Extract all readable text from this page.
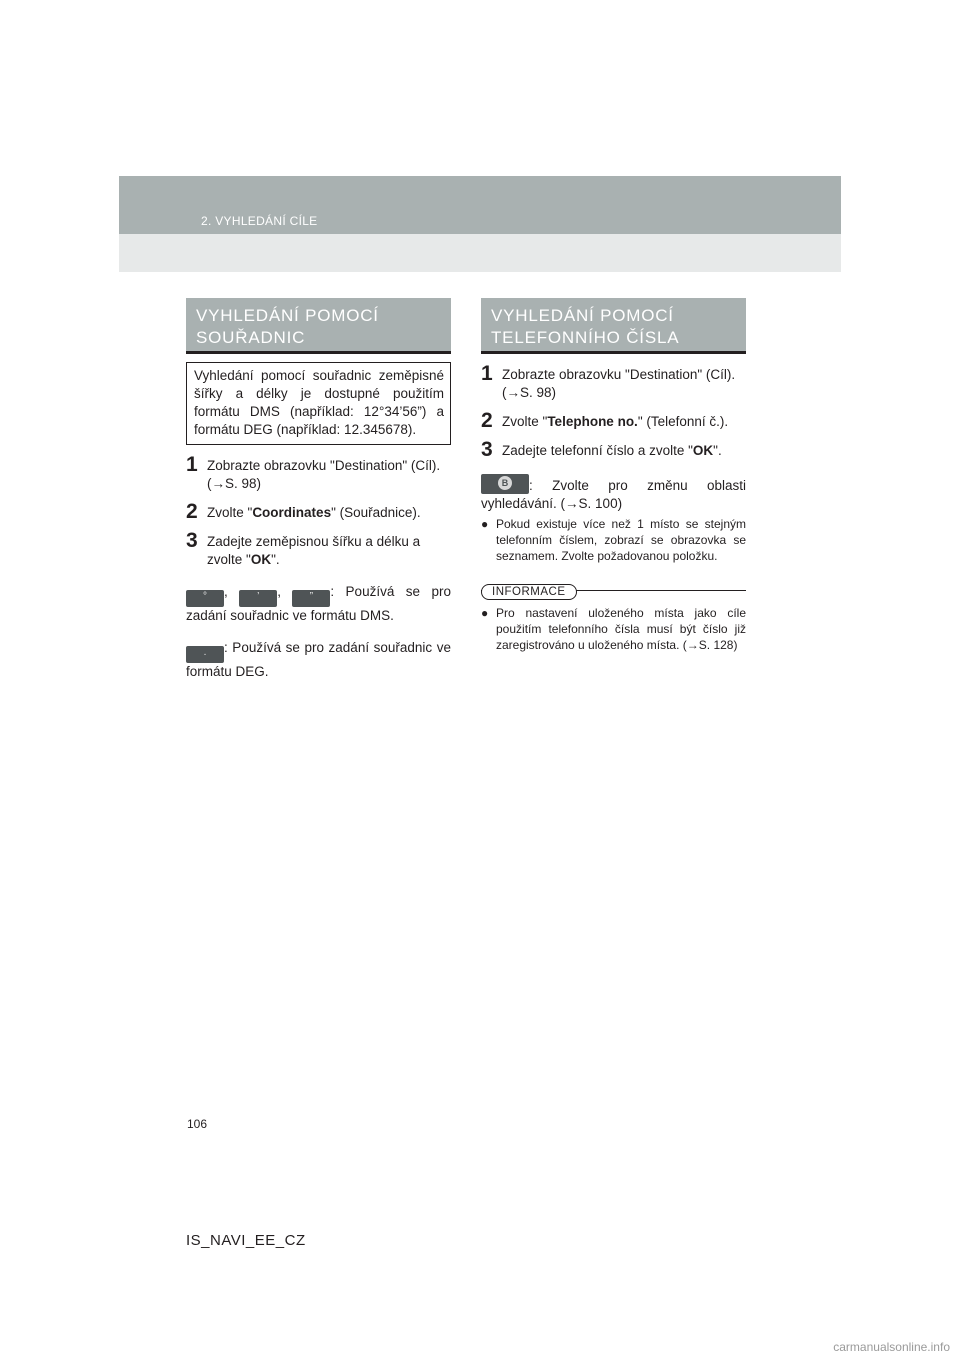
2. VYHLEDÁNÍ CÍLE
VYHLEDÁNÍ POMOCÍ
SOUŘADNIC
Vyhledání pomocí souřadnic zeměpisné šířky a délky je dostupné použitím formátu DMS (například: 12°34’56”) a formátu DEG (například: 12.345678).
1 Zobrazte obrazovku "Destination" (Cíl). (→S. 98)
2 Zvolte "Coordinates" (Souřadnice).
3 Zadejte zeměpisnou šířku a délku a zvolte "OK".
° , ’ , ” : Používá se pro zadání souřadnic ve formátu DMS.
. : Používá se pro zadání souřadnic ve formátu DEG.
VYHLEDÁNÍ POMOCÍ
TELEFONNÍHO ČÍSLA
1 Zobrazte obrazovku "Destination" (Cíl). (→S. 98)
2 Zvolte "Telephone no." (Telefonní č.).
3 Zadejte telefonní číslo a zvolte "OK".
B : Zvolte pro změnu oblasti vyhledávání. (→S. 100)
● Pokud existuje více než 1 místo se stejným telefonním číslem, zobrazí se obrazovka se seznamem. Zvolte požadovanou položku.
INFORMACE
● Pro nastavení uloženého místa jako cíle použitím telefonního čísla musí být číslo již zaregistrováno u uloženého místa. (→S. 128)
106
IS_NAVI_EE_CZ
carmanualsonline.info
